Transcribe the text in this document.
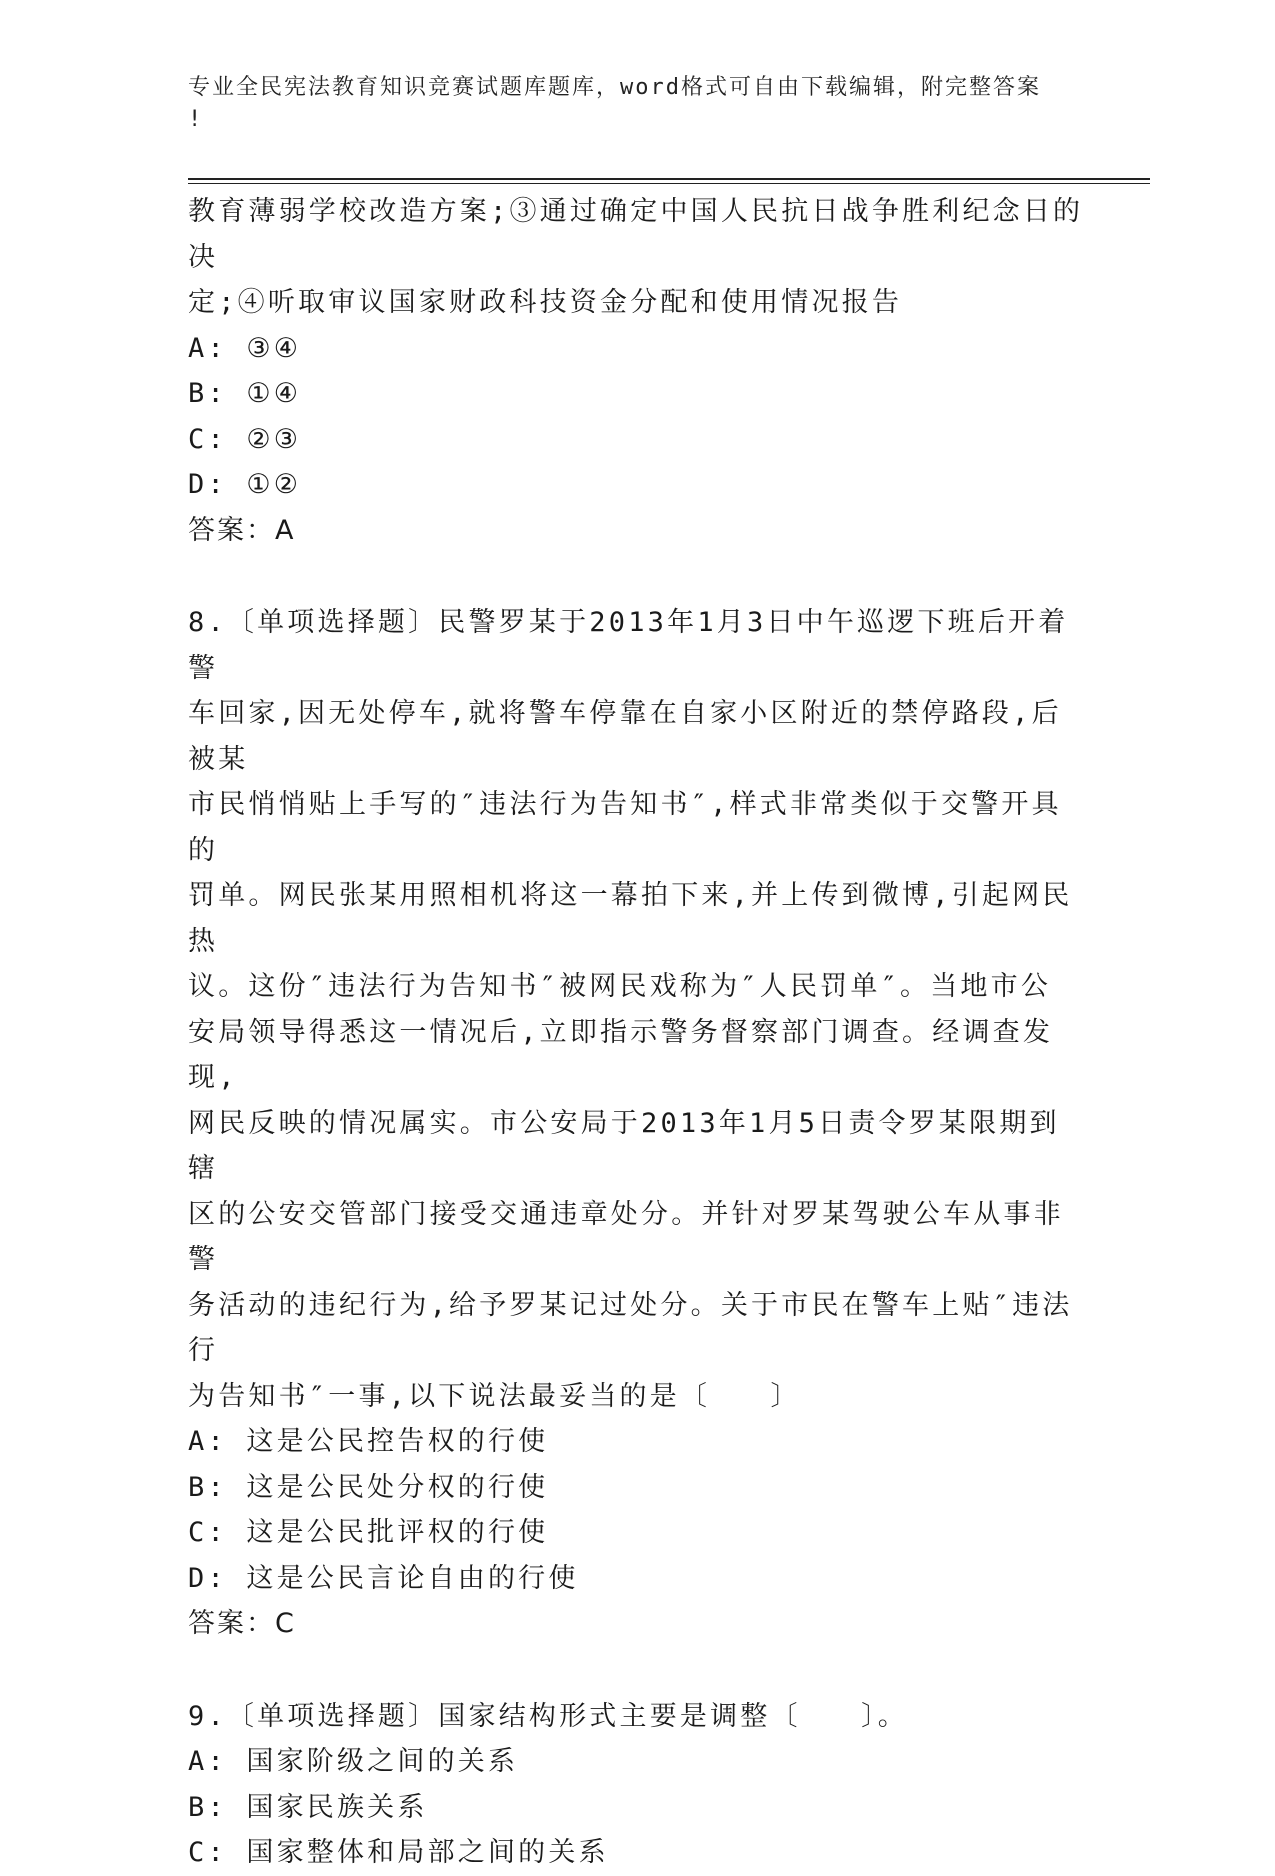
专业全民宪法教育知识竞赛试题库题库，word格式可自由下载编辑，附完整答案
!

教育薄弱学校改造方案;③通过确定中国人民抗日战争胜利纪念日的决

定;④听取审议国家财政科技资金分配和使用情况报告

A: ③④

B: ①④

C: ②③

D: ①②

答案：A

8.〔单项选择题〕民警罗某于2013年1月3日中午巡逻下班后开着警

车回家,因无处停车,就将警车停靠在自家小区附近的禁停路段,后被某

市民悄悄贴上手写的″违法行为告知书″,样式非常类似于交警开具的

罚单。网民张某用照相机将这一幕拍下来,并上传到微博,引起网民热

议。这份″违法行为告知书″被网民戏称为″人民罚单″。当地市公

安局领导得悉这一情况后,立即指示警务督察部门调查。经调查发现,

网民反映的情况属实。市公安局于2013年1月5日责令罗某限期到辖

区的公安交管部门接受交通违章处分。并针对罗某驾驶公车从事非警

务活动的违纪行为,给予罗某记过处分。关于市民在警车上贴″违法行

为告知书″一事,以下说法最妥当的是〔　　〕

A: 这是公民控告权的行使

B: 这是公民处分权的行使

C: 这是公民批评权的行使

D: 这是公民言论自由的行使

答案：C

9.〔单项选择题〕国家结构形式主要是调整〔　　〕。

A: 国家阶级之间的关系

B: 国家民族关系

C: 国家整体和局部之间的关系
